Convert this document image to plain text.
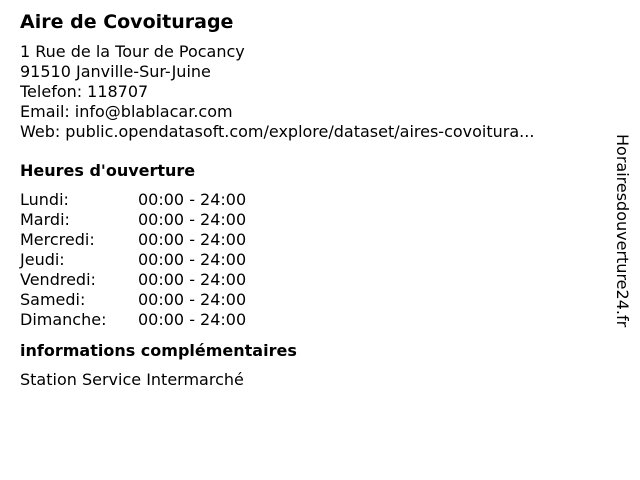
Aire de Covoiturage
1 Rue de la Tour de Pocancy
91510 Janville-Sur-Juine
Telefon: 118707
Email: info@blablacar.com
Web: public.opendatasoft.com/explore/dataset/aires-covoitura...
Heures d'ouverture
Lundi:	00:00 - 24:00
Mardi:	00:00 - 24:00
Mercredi:	00:00 - 24:00
Jeudi:	00:00 - 24:00
Vendredi:	00:00 - 24:00
Samedi:	00:00 - 24:00
Dimanche:	00:00 - 24:00
informations complémentaires
Station Service Intermarché
Horairesdouverture24.fr
